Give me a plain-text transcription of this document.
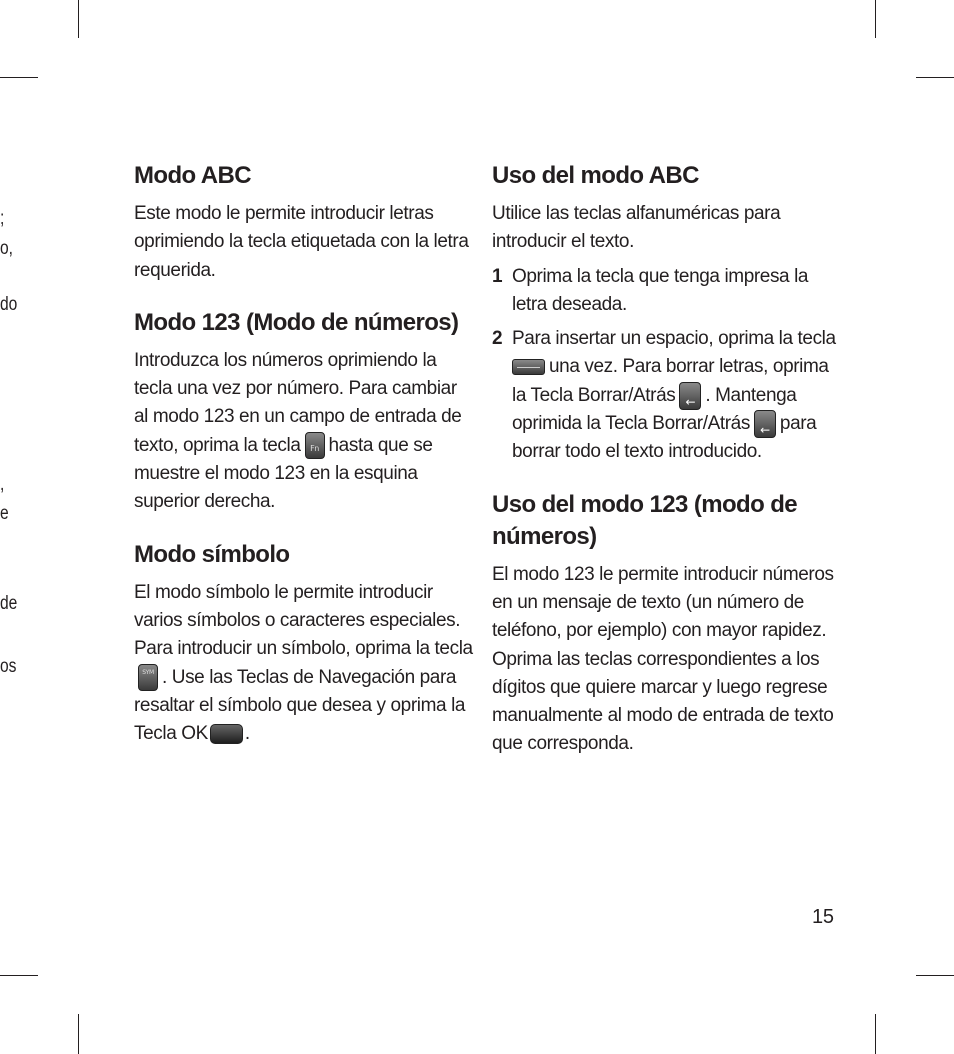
;
o,
do
,
e
de
os
Modo ABC

Este modo le permite introducir letras oprimiendo la tecla etiquetada con la letra requerida.

Modo 123 (Modo de números)

Introduzca los números oprimiendo la tecla una vez por número. Para cambiar al modo 123 en un campo de entrada de texto, oprima la tecla Fn hasta que se muestre el modo 123 en la esquina superior derecha.

Modo símbolo

El modo símbolo le permite introducir varios símbolos o caracteres especiales. Para introducir un símbolo, oprima la tecla
SYM. Use las Teclas de Navegación para resaltar el símbolo que desea y oprima la Tecla OK .

Uso del modo ABC

Utilice las teclas alfanuméricas para introducir el texto.

1 Oprima la tecla que tenga impresa la letra deseada.
2 Para insertar un espacio, oprima la tecla
una vez. Para borrar letras, oprima la Tecla Borrar/Atrás ← . Mantenga oprimida la Tecla Borrar/Atrás ← para borrar todo el texto introducido.
Uso del modo 123 (modo de números)

El modo 123 le permite introducir números en un mensaje de texto (un número de teléfono, por ejemplo) con mayor rapidez. Oprima las teclas correspondientes a los dígitos que quiere marcar y luego regrese manualmente al modo de entrada de texto que corresponda.

15
